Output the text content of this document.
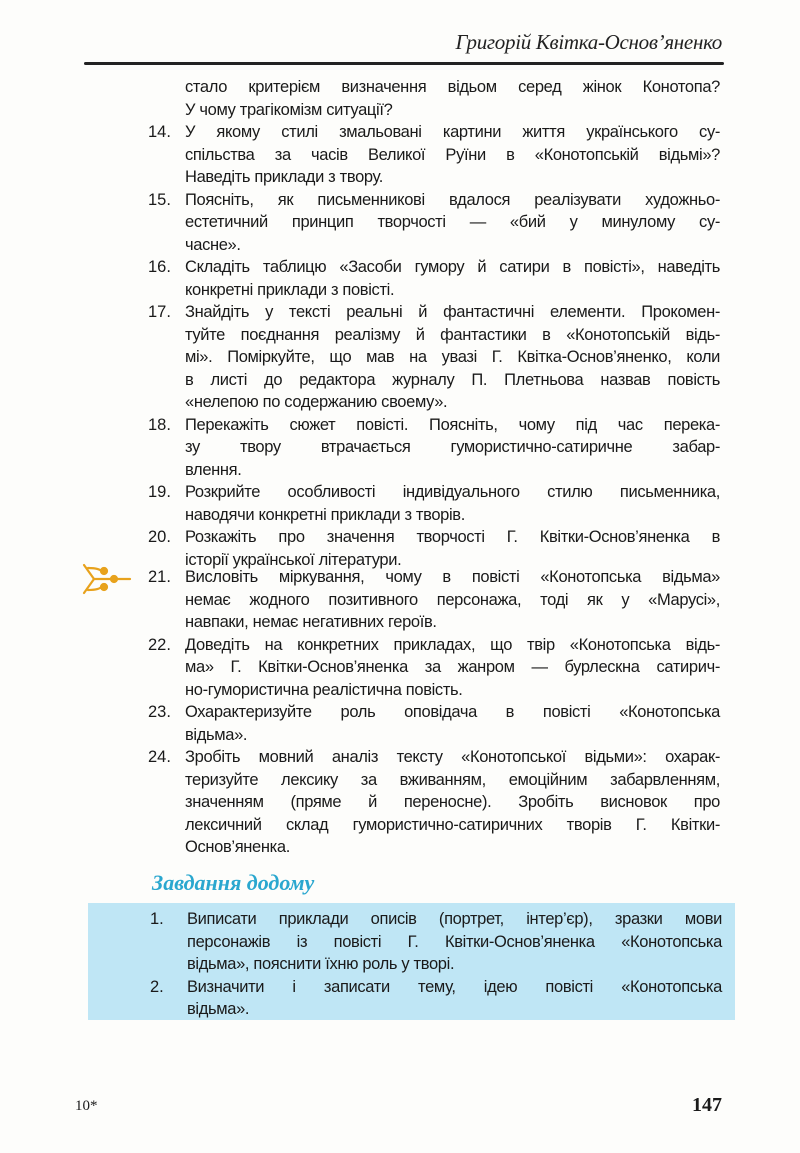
Григорій Квітка-Основ’яненко
стало критерієм визначення відьом серед жінок Конотопа?
У чому трагікомізм ситуації?
14. У якому стилі змальовані картини життя українського су-
спільства за часів Великої Руїни в «Конотопській відьмі»?
Наведіть приклади з твору.
15. Поясніть, як письменникові вдалося реалізувати художньо-
естетичний принцип творчості — «бий у минулому су-
часне».
16. Складіть таблицю «Засоби гумору й сатири в повісті», наведіть
конкретні приклади з повісті.
17. Знайдіть у тексті реальні й фантастичні елементи. Прокомен-
туйте поєднання реалізму й фантастики в «Конотопській відь-
мі». Поміркуйте, що мав на увазі Г. Квітка-Основ’яненко, коли
в листі до редактора журналу П. Плетньова назвав повість
«нелепою по содержанию своему».
18. Перекажіть сюжет повісті. Поясніть, чому під час перека-
зу твору втрачається гумористично-сатиричне забар-
влення.
19. Розкрийте особливості індивідуального стилю письменника,
наводячи конкретні приклади з творів.
20. Розкажіть про значення творчості Г. Квітки-Основ’яненка в
історії української літератури.
21. Висловіть міркування, чому в повісті «Конотопська відьма»
немає жодного позитивного персонажа, тоді як у «Марусі»,
навпаки, немає негативних героїв.
22. Доведіть на конкретних прикладах, що твір «Конотопська відь-
ма» Г. Квітки-Основ’яненка за жанром — бурлескна сатирич-
но-гумористична реалістична повість.
23. Охарактеризуйте роль оповідача в повісті «Конотопська
відьма».
24. Зробіть мовний аналіз тексту «Конотопської відьми»: охарак-
теризуйте лексику за вживанням, емоційним забарвленням,
значенням (пряме й переносне). Зробіть висновок про
лексичний склад гумористично-сатиричних творів Г. Квітки-
Основ’яненка.
Завдання додому
1. Виписати приклади описів (портрет, інтер’єр), зразки мови
персонажів із повісті Г. Квітки-Основ’яненка «Конотопська
відьма», пояснити їхню роль у творі.
2. Визначити і записати тему, ідею повісті «Конотопська
відьма».
10*	147
